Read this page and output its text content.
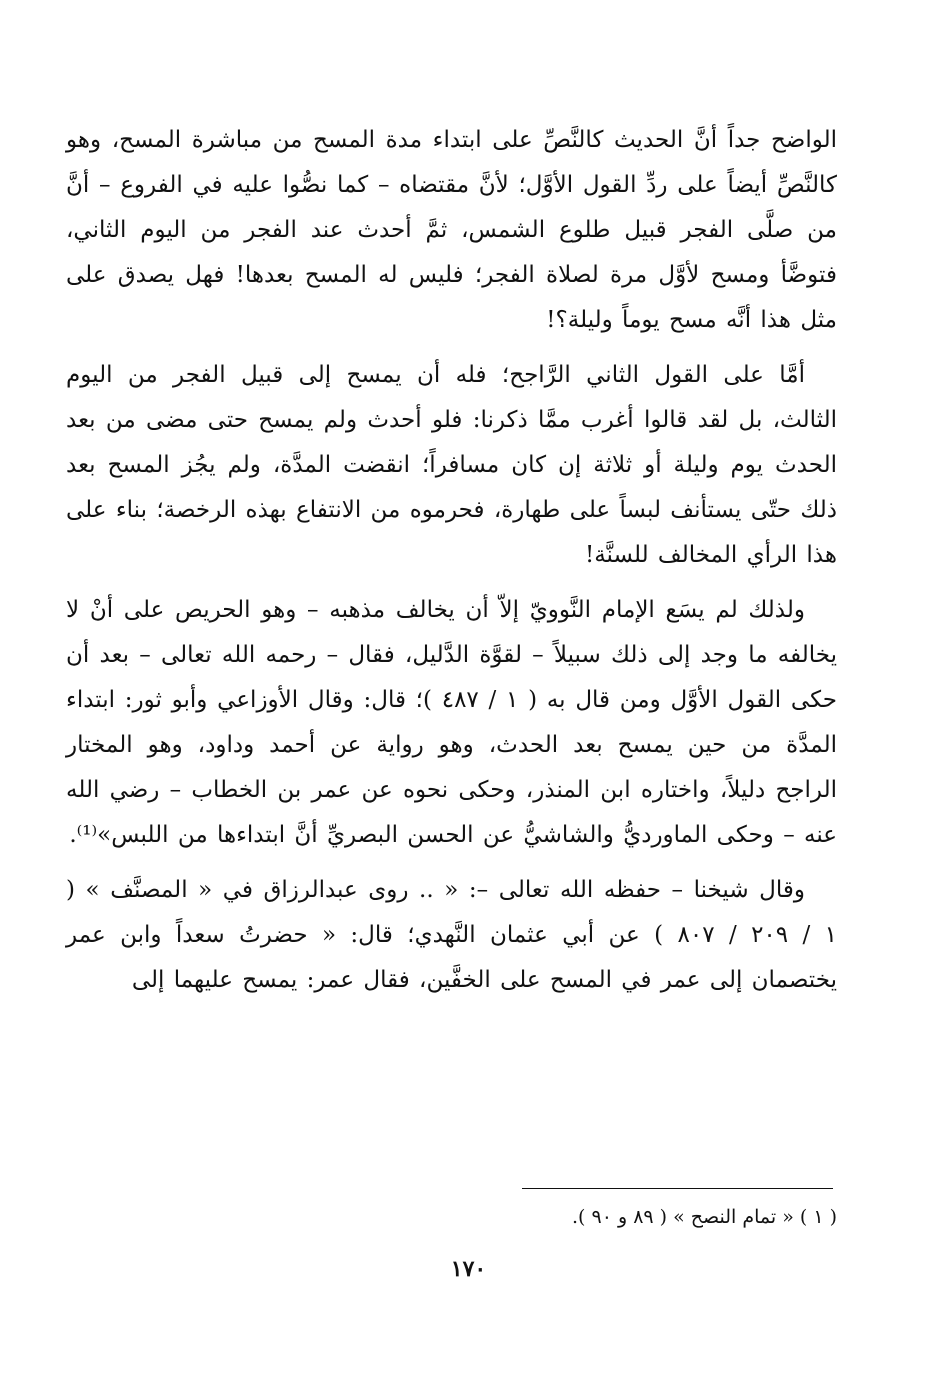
الواضح جداً أنَّ الحديث كالنَّصِّ على ابتداء مدة المسح من مباشرة المسح، وهو كالنَّصِّ أيضاً على ردِّ القول الأوَّل؛ لأنَّ مقتضاه – كما نصُّوا عليه في الفروع – أنَّ من صلَّى الفجر قبيل طلوع الشمس، ثمَّ أحدث عند الفجر من اليوم الثاني، فتوضَّأ ومسح لأوَّل مرة لصلاة الفجر؛ فليس له المسح بعدها! فهل يصدق على مثل هذا أنَّه مسح يوماً وليلة؟!

أمَّا على القول الثاني الرَّاجح؛ فله أن يمسح إلى قبيل الفجر من اليوم الثالث، بل لقد قالوا أغرب ممَّا ذكرنا: فلو أحدث ولم يمسح حتى مضى من بعد الحدث يوم وليلة أو ثلاثة إن كان مسافراً؛ انقضت المدَّة، ولم يجُز المسح بعد ذلك حتّى يستأنف لبساً على طهارة، فحرموه من الانتفاع بهذه الرخصة؛ بناء على هذا الرأي المخالف للسنَّة!

ولذلك لم يسَع الإمام النَّوويّ إلاّ أن يخالف مذهبه – وهو الحريص على أنْ لا يخالفه ما وجد إلى ذلك سبيلاً – لقوَّة الدَّليل، فقال – رحمه الله تعالى – بعد أن حكى القول الأوَّل ومن قال به ( ١ / ٤٨٧ )؛ قال: وقال الأوزاعي وأبو ثور: ابتداء المدَّة من حين يمسح بعد الحدث، وهو رواية عن أحمد وداود، وهو المختار الراجح دليلاً، واختاره ابن المنذر، وحكى نحوه عن عمر بن الخطاب – رضي الله عنه – وحكى الماورديُّ والشاشيُّ عن الحسن البصريِّ أنَّ ابتداءها من اللبس»⁽¹⁾.

وقال شيخنا – حفظه الله تعالى –: « .. روى عبدالرزاق في « المصنَّف » ( ١ / ٢٠٩ / ٨٠٧ ) عن أبي عثمان النَّهدي؛ قال: « حضرتُ سعداً وابن عمر يختصمان إلى عمر في المسح على الخفَّين، فقال عمر: يمسح عليهما إلى

( ١ ) « تمام النصح » ( ٨٩ و ٩٠ ).
١٧٠
